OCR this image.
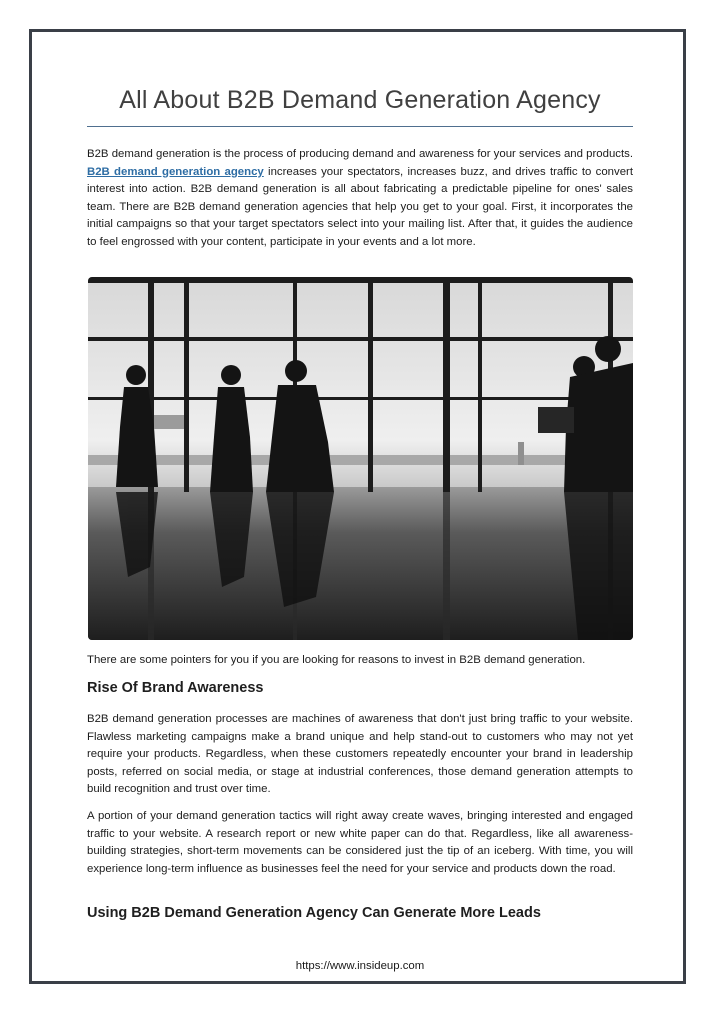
All About B2B Demand Generation Agency

B2B demand generation is the process of producing demand and awareness for your services and products. B2B demand generation agency increases your spectators, increases buzz, and drives traffic to convert interest into action. B2B demand generation is all about fabricating a predictable pipeline for ones' sales team. There are B2B demand generation agencies that help you get to your goal. First, it incorporates the initial campaigns so that your target spectators select into your mailing list. After that, it guides the audience to feel engrossed with your content, participate in your events and a lot more.

There are some pointers for you if you are looking for reasons to invest in B2B demand generation.

Rise Of Brand Awareness

B2B demand generation processes are machines of awareness that don't just bring traffic to your website. Flawless marketing campaigns make a brand unique and help stand-out to customers who may not yet require your products. Regardless, when these customers repeatedly encounter your brand in leadership posts, referred on social media, or stage at industrial conferences, those demand generation attempts to build recognition and trust over time.

A portion of your demand generation tactics will right away create waves, bringing interested and engaged traffic to your website. A research report or new white paper can do that. Regardless, like all awareness-building strategies, short-term movements can be considered just the tip of an iceberg. With time, you will experience long-term influence as businesses feel the need for your service and products down the road.

Using B2B Demand Generation Agency Can Generate More Leads

https://www.insideup.com
